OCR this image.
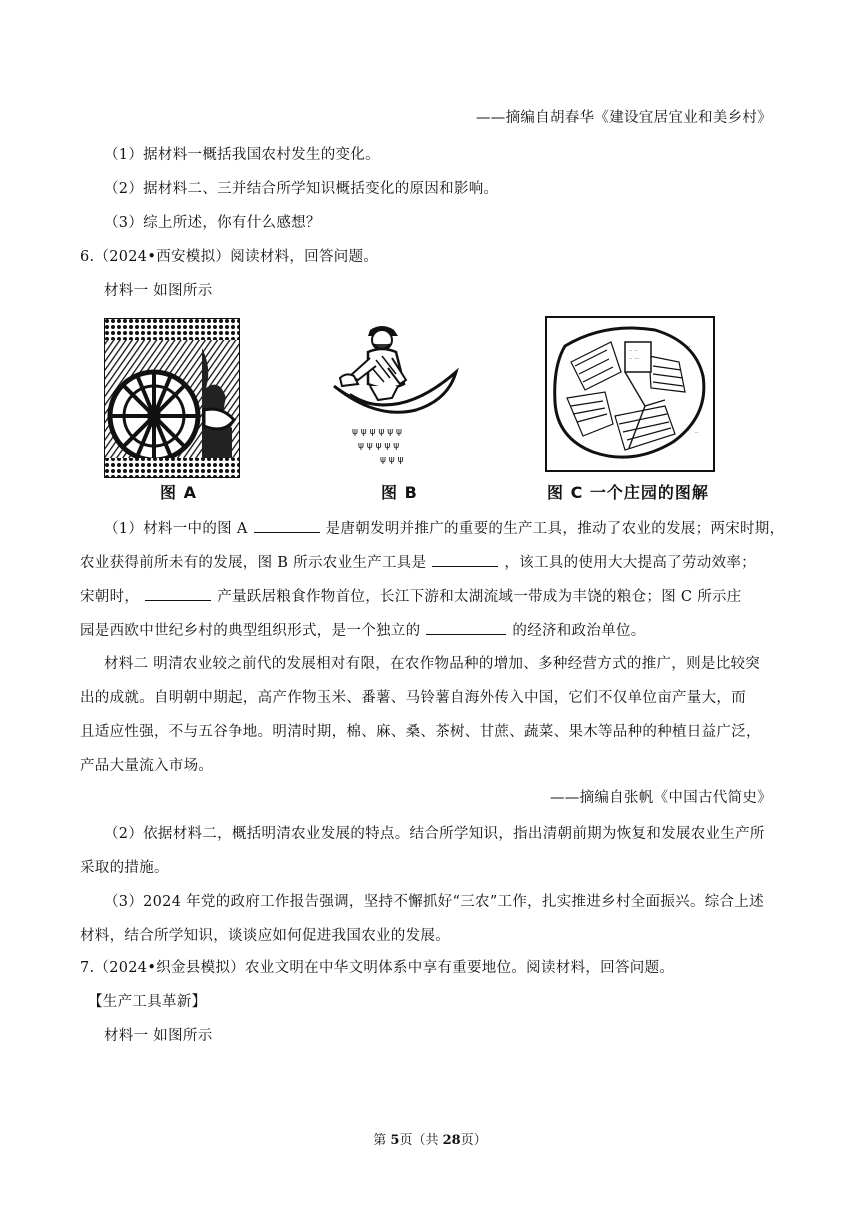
——摘编自胡春华《建设宜居宜业和美乡村》
（1）据材料一概括我国农村发生的变化。
（2）据材料二、三并结合所学知识概括变化的原因和影响。
（3）综上所述，你有什么感想？
6.（2024•西安模拟）阅读材料，回答问题。
材料一 如图所示
ψ ψ ψ ψ ψ ψ
ψ ψ ψ ψ ψ
ψ ψ ψ
·· ··
·· ···
··
··
图 A	图 B	图 C 一个庄园的图解
（1）材料一中的图 A	是唐朝发明并推广的重要的生产工具，推动了农业的发展；两宋时期，
农业获得前所未有的发展，图 B 所示农业生产工具是	，该工具的使用大大提高了劳动效率；
宋朝时，	产量跃居粮食作物首位，长江下游和太湖流域一带成为丰饶的粮仓；图 C 所示庄
园是西欧中世纪乡村的典型组织形式，是一个独立的	的经济和政治单位。
材料二 明清农业较之前代的发展相对有限，在农作物品种的增加、多种经营方式的推广，则是比较突
出的成就。自明朝中期起，高产作物玉米、番薯、马铃薯自海外传入中国，它们不仅单位亩产量大，而
且适应性强，不与五谷争地。明清时期，棉、麻、桑、茶树、甘蔗、蔬菜、果木等品种的种植日益广泛，
产品大量流入市场。
——摘编自张帆《中国古代简史》
（2）依据材料二，概括明清农业发展的特点。结合所学知识，指出清朝前期为恢复和发展农业生产所
采取的措施。
（3）2024 年党的政府工作报告强调，坚持不懈抓好“三农”工作，扎实推进乡村全面振兴。综合上述
材料，结合所学知识，谈谈应如何促进我国农业的发展。
7.（2024•织金县模拟）农业文明在中华文明体系中享有重要地位。阅读材料，回答问题。
【生产工具革新】
材料一 如图所示
第 5页（共 28页）
